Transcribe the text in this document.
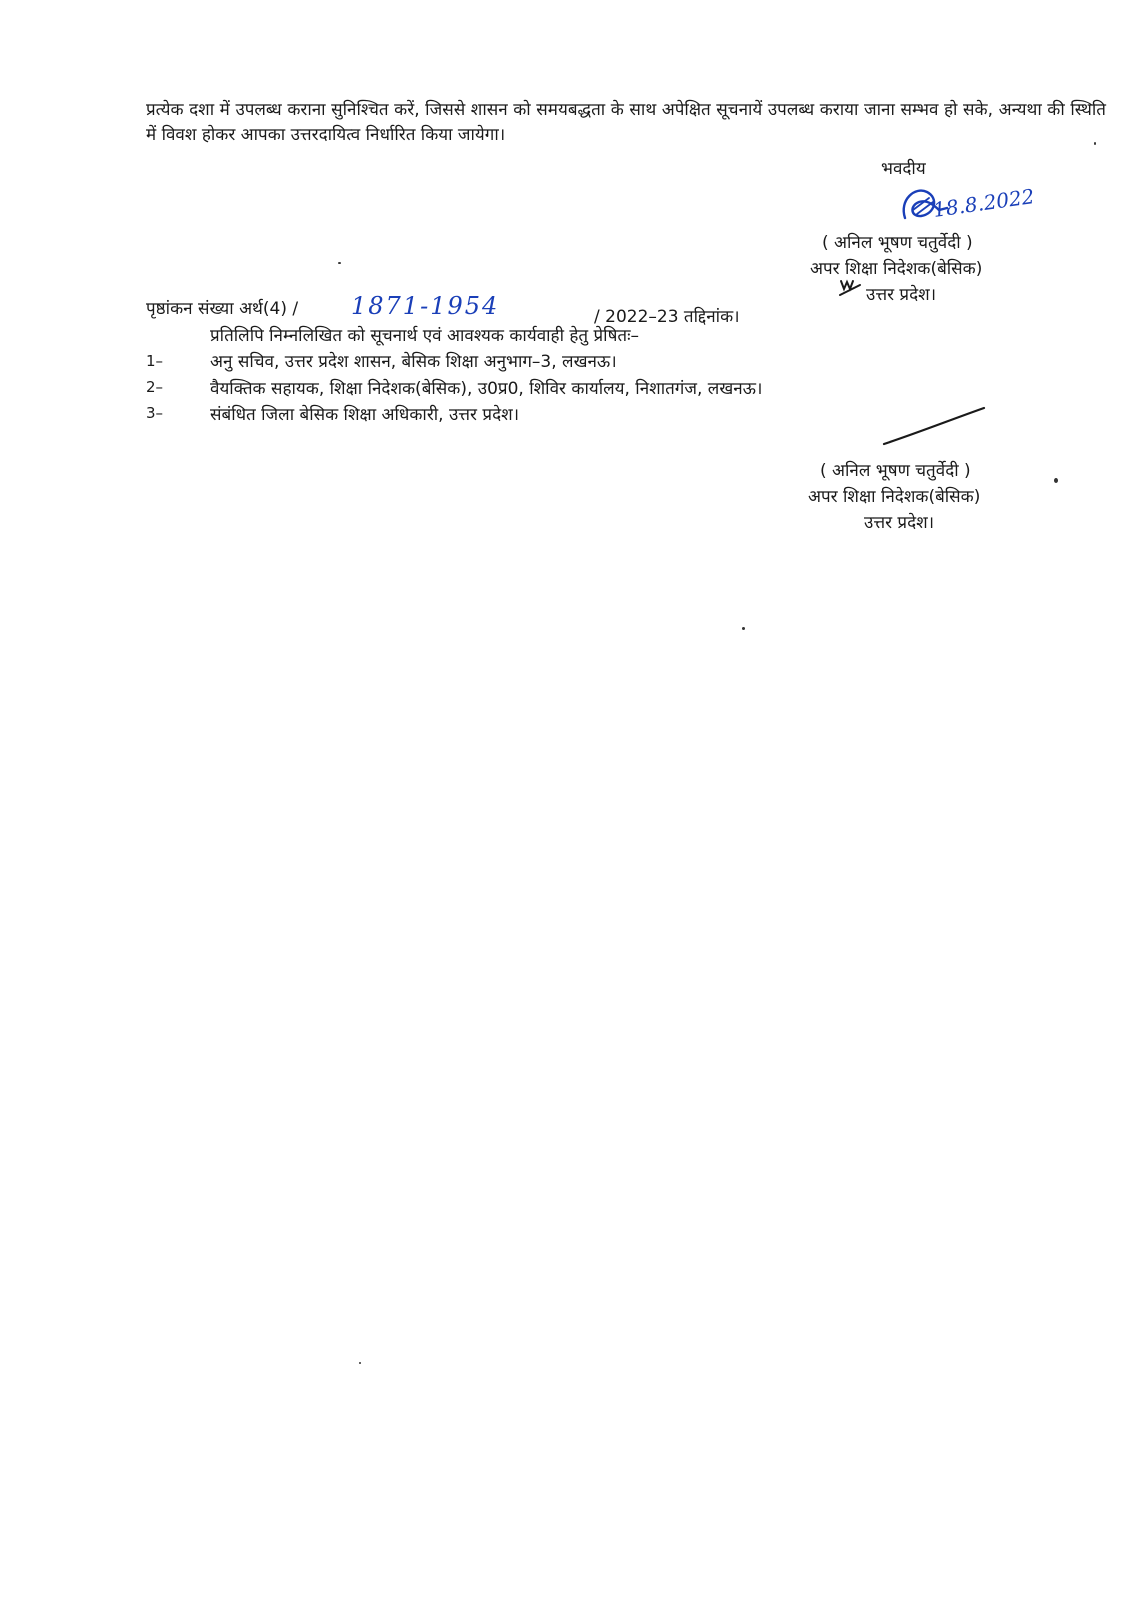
प्रत्येक दशा में उपलब्ध कराना सुनिश्चित करें, जिससे शासन को समयबद्धता के साथ अपेक्षित सूचनायें उपलब्ध कराया जाना सम्भव हो सके, अन्यथा की स्थिति में विवश होकर आपका उत्तरदायित्व निर्धारित किया जायेगा।
भवदीय
18.8.2022
( अनिल भूषण चतुर्वेदी )
अपर शिक्षा निदेशक(बेसिक)
उत्तर प्रदेश।
पृष्ठांकन संख्या अर्थ(4) / 1871-1954	/ 2022–23 तद्दिनांक।
प्रतिलिपि निम्नलिखित को सूचनार्थ एवं आवश्यक कार्यवाही हेतु प्रेषितः–
1–	अनु सचिव, उत्तर प्रदेश शासन, बेसिक शिक्षा अनुभाग–3, लखनऊ।
2–	वैयक्तिक सहायक, शिक्षा निदेशक(बेसिक), उ0प्र0, शिविर कार्यालय, निशातगंज, लखनऊ।
3–	संबंधित जिला बेसिक शिक्षा अधिकारी, उत्तर प्रदेश।
( अनिल भूषण चतुर्वेदी )
अपर शिक्षा निदेशक(बेसिक)
उत्तर प्रदेश।
